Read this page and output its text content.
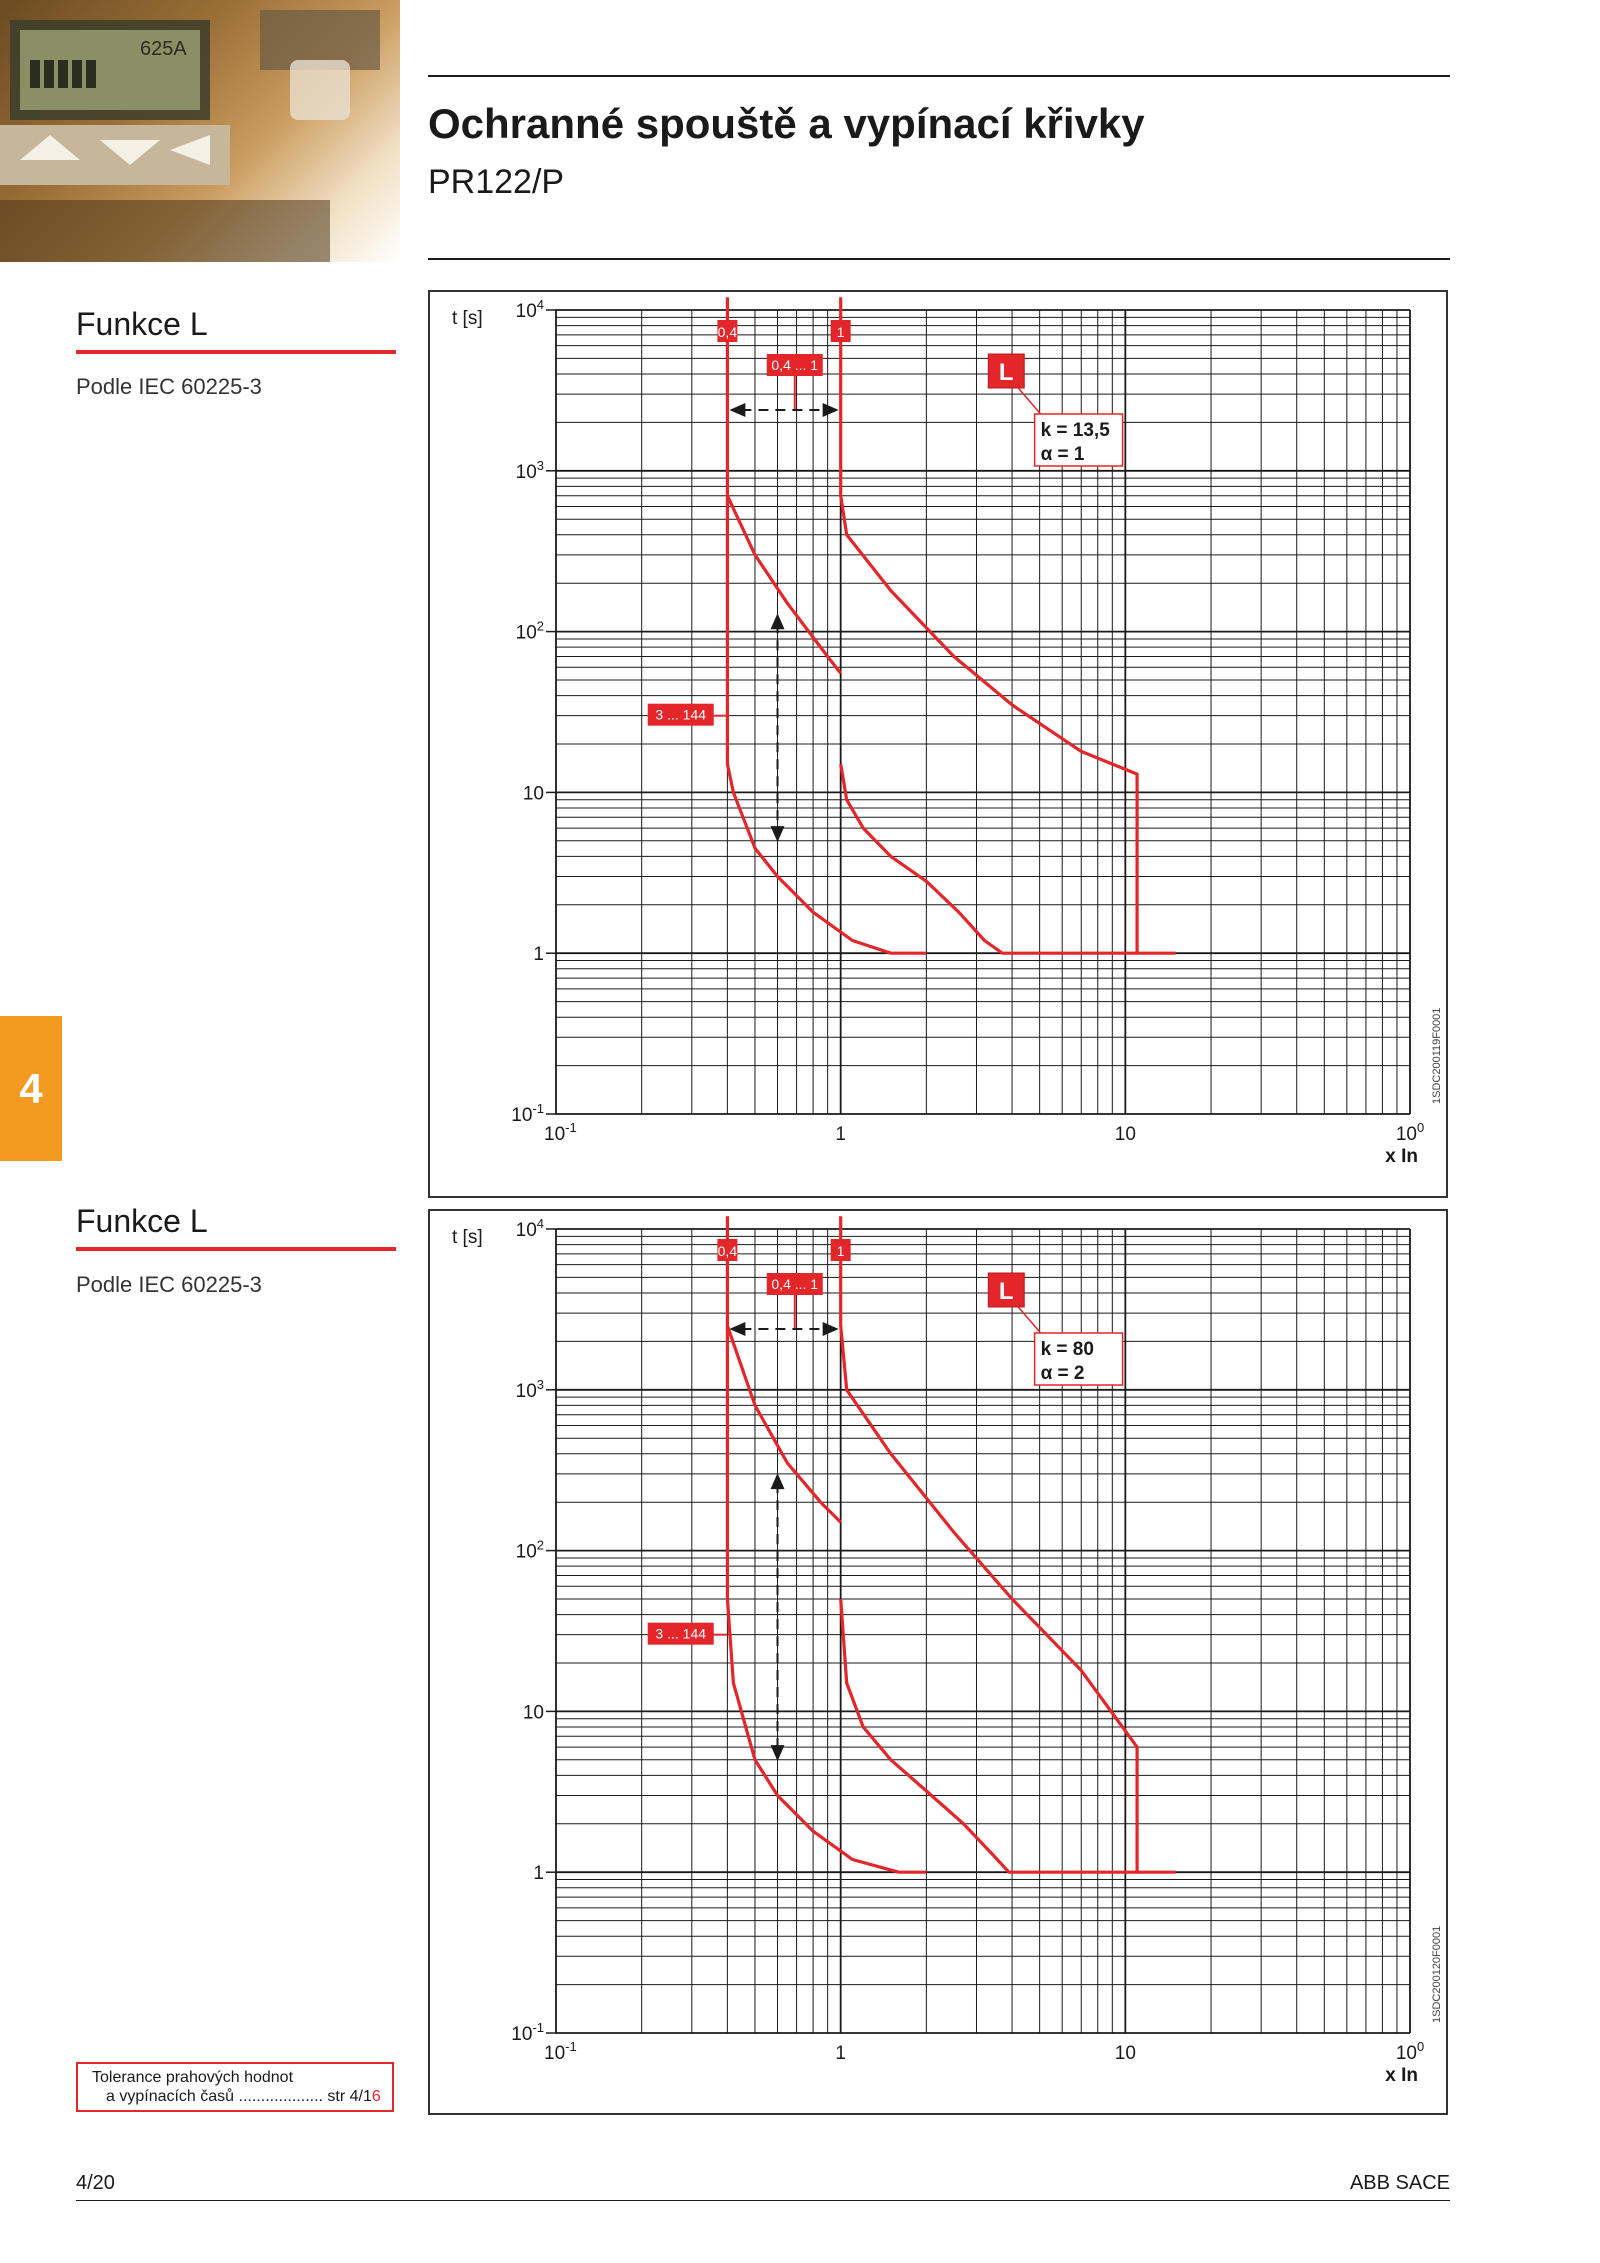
625A
Ochranné spouště a vypínací křivky
PR122/P
Funkce L
Podle IEC 60225-3
4
Funkce L
Podle IEC 60225-3
t [s]
$10^{-1}$
1
10
$10^2$
$10^3$
$10^4$
$10^{-1}$	1	10	$10^0$
x In
0,4	1
0,4 ... 1	L
k = 13,5
α = 1
3 ... 144
1SDC200119F0001
t [s]
$10^{-1}$
1
10
$10^2$
$10^3$
$10^4$
$10^{-1}$	1	10	$10^0$
x In
0,4	1
0,4 ... 1	L
k = 80
α = 2
3 ... 144
1SDC200120F0001
Tolerance prahových hodnot
a vypínacích časů ................... str 4/16
4/20	ABB SACE
